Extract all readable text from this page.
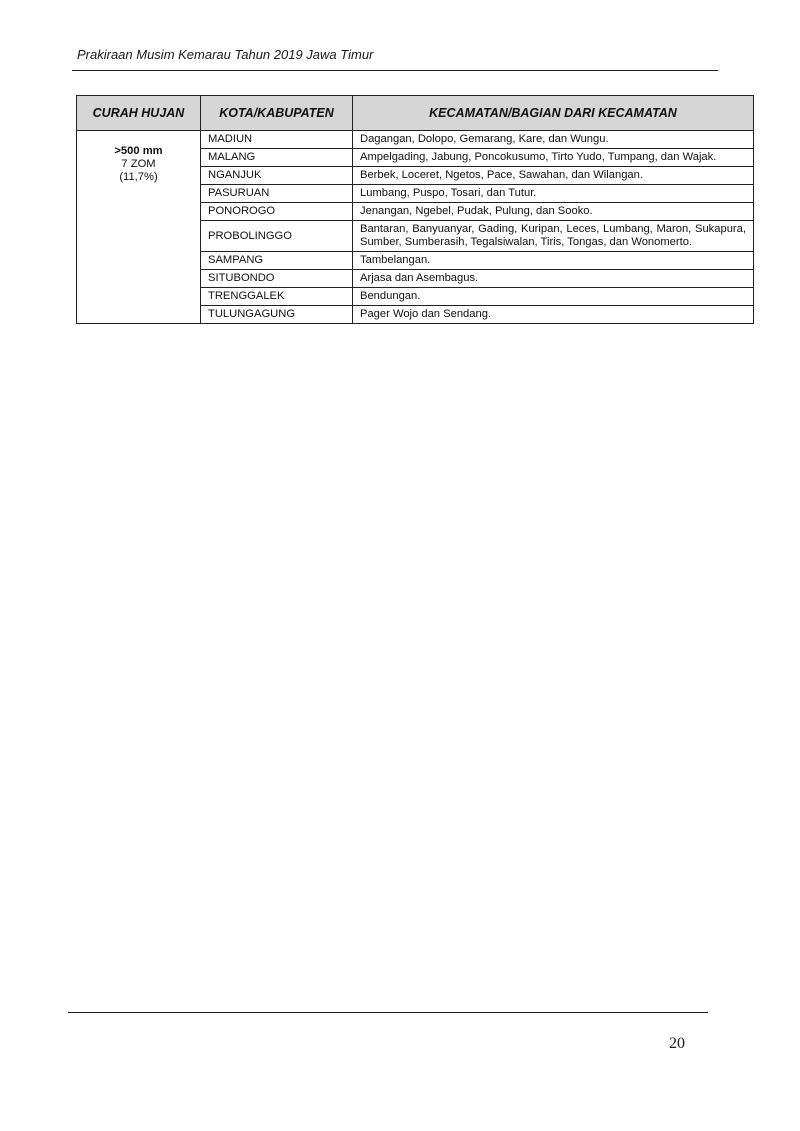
Prakiraan Musim Kemarau Tahun 2019 Jawa Timur
CURAH HUJAN	KOTA/KABUPATEN	KECAMATAN/BAGIAN DARI KECAMATAN

>500 mm
7 ZOM
(11,7%)	MADIUN	Dagangan, Dolopo, Gemarang, Kare, dan Wungu.
	MALANG	Ampelgading, Jabung, Poncokusumo, Tirto Yudo, Tumpang, dan Wajak.
	NGANJUK	Berbek, Loceret, Ngetos, Pace, Sawahan, dan Wilangan.
	PASURUAN	Lumbang, Puspo, Tosari, dan Tutur.
	PONOROGO	Jenangan, Ngebel, Pudak, Pulung, dan Sooko.
	PROBOLINGGO	Bantaran, Banyuanyar, Gading, Kuripan, Leces, Lumbang, Maron, Sukapura, Sumber, Sumberasih, Tegalsiwalan, Tiris, Tongas, dan Wonomerto.
	SAMPANG	Tambelangan.
	SITUBONDO	Arjasa dan Asembagus.
	TRENGGALEK	Bendungan.
	TULUNGAGUNG	Pager Wojo dan Sendang.
20
